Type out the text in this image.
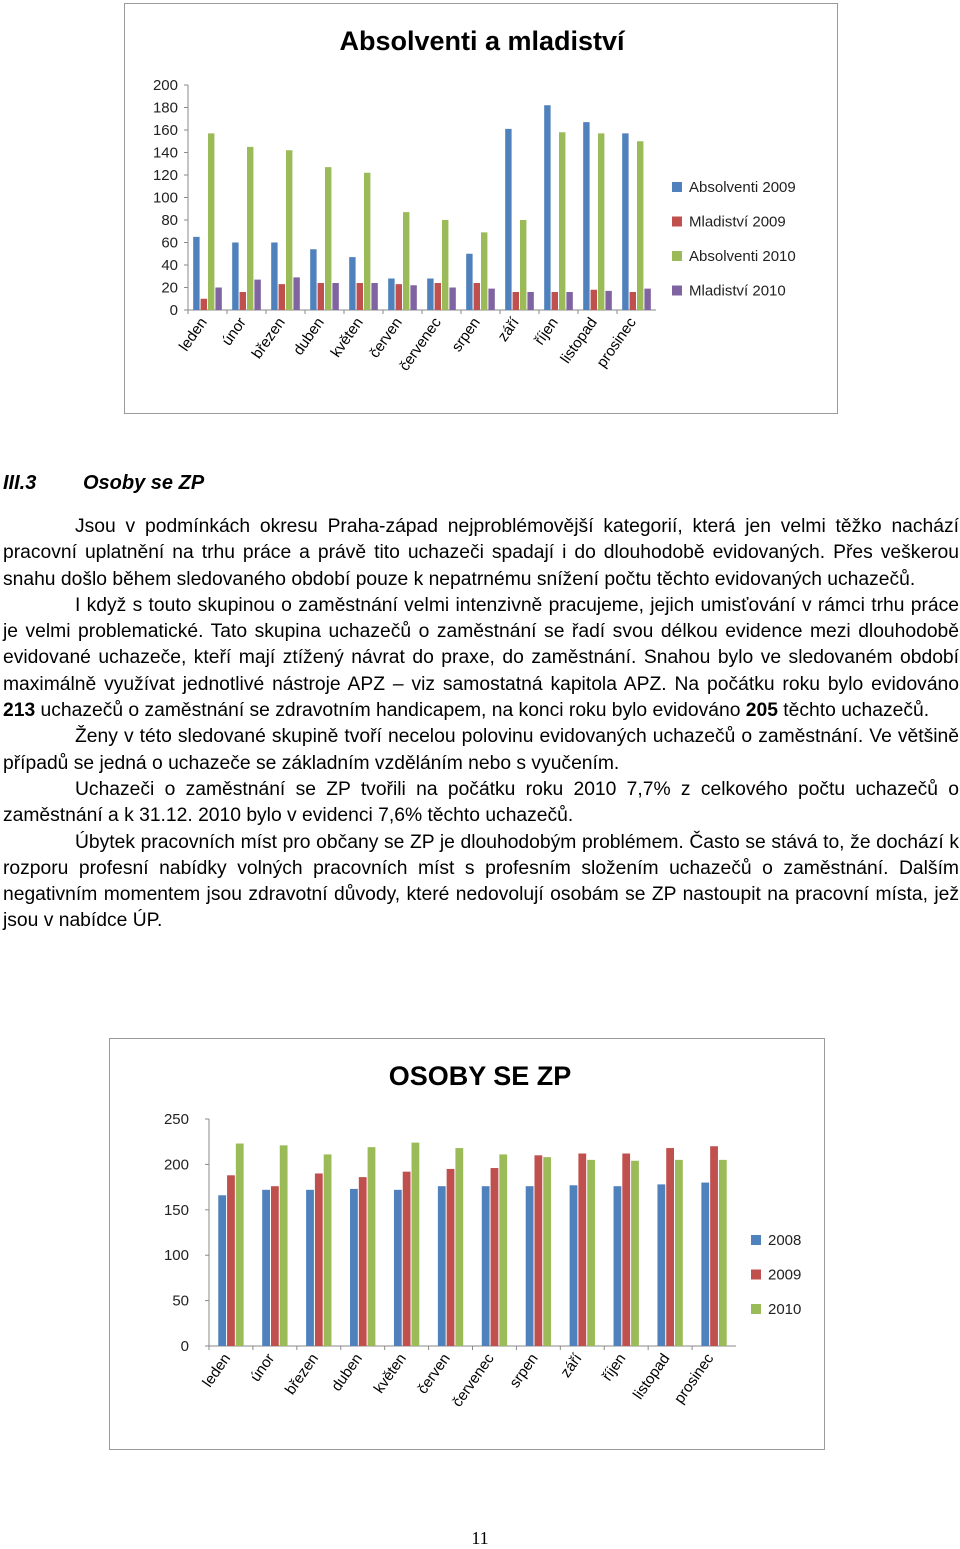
Absolventi a mladiství
0
20
40
60
80
100
120
140
160
180
200
leden únor
březen duben květen červen
červenec srpen září říjen
listopad
prosinec
Absolventi 2009
Mladiství 2009
Absolventi 2010
Mladiství 2010
III.3 Osoby se ZP

Jsou v podmínkách okresu Praha-západ nejproblémovější kategorií, která jen velmi těžko nachází pracovní uplatnění na trhu práce a právě tito uchazeči spadají i do dlouhodobě evidovaných. Přes veškerou snahu došlo během sledovaného období pouze k nepatrnému snížení počtu těchto evidovaných uchazečů.

I když s touto skupinou o zaměstnání velmi intenzivně pracujeme, jejich umisťování v rámci trhu práce je velmi problematické. Tato skupina uchazečů o zaměstnání se řadí svou délkou evidence mezi dlouhodobě evidované uchazeče, kteří mají ztížený návrat do praxe, do zaměstnání. Snahou bylo ve sledovaném období maximálně využívat jednotlivé nástroje APZ – viz samostatná kapitola APZ. Na počátku roku bylo evidováno 213 uchazečů o zaměstnání se zdravotním handicapem, na konci roku bylo evidováno 205 těchto uchazečů.

Ženy v této sledované skupině tvoří necelou polovinu evidovaných uchazečů o zaměstnání. Ve většině případů se jedná o uchazeče se základním vzděláním nebo s vyučením.

Uchazeči o zaměstnání se ZP tvořili na počátku roku 2010 7,7% z celkového počtu uchazečů o zaměstnání a k 31.12. 2010 bylo v evidenci 7,6% těchto uchazečů.

Úbytek pracovních míst pro občany se ZP je dlouhodobým problémem. Často se stává to, že dochází k rozporu profesní nabídky volných pracovních míst s profesním složením uchazečů o zaměstnání. Dalším negativním momentem jsou zdravotní důvody, které nedovolují osobám se ZP nastoupit na pracovní místa, jež jsou v nabídce ÚP.

OSOBY SE ZP
0
50
100
150
200
250
leden únor březen duben květen červen
červenec srpen září říjen listopad
prosinec
2008
2009
2010
11
